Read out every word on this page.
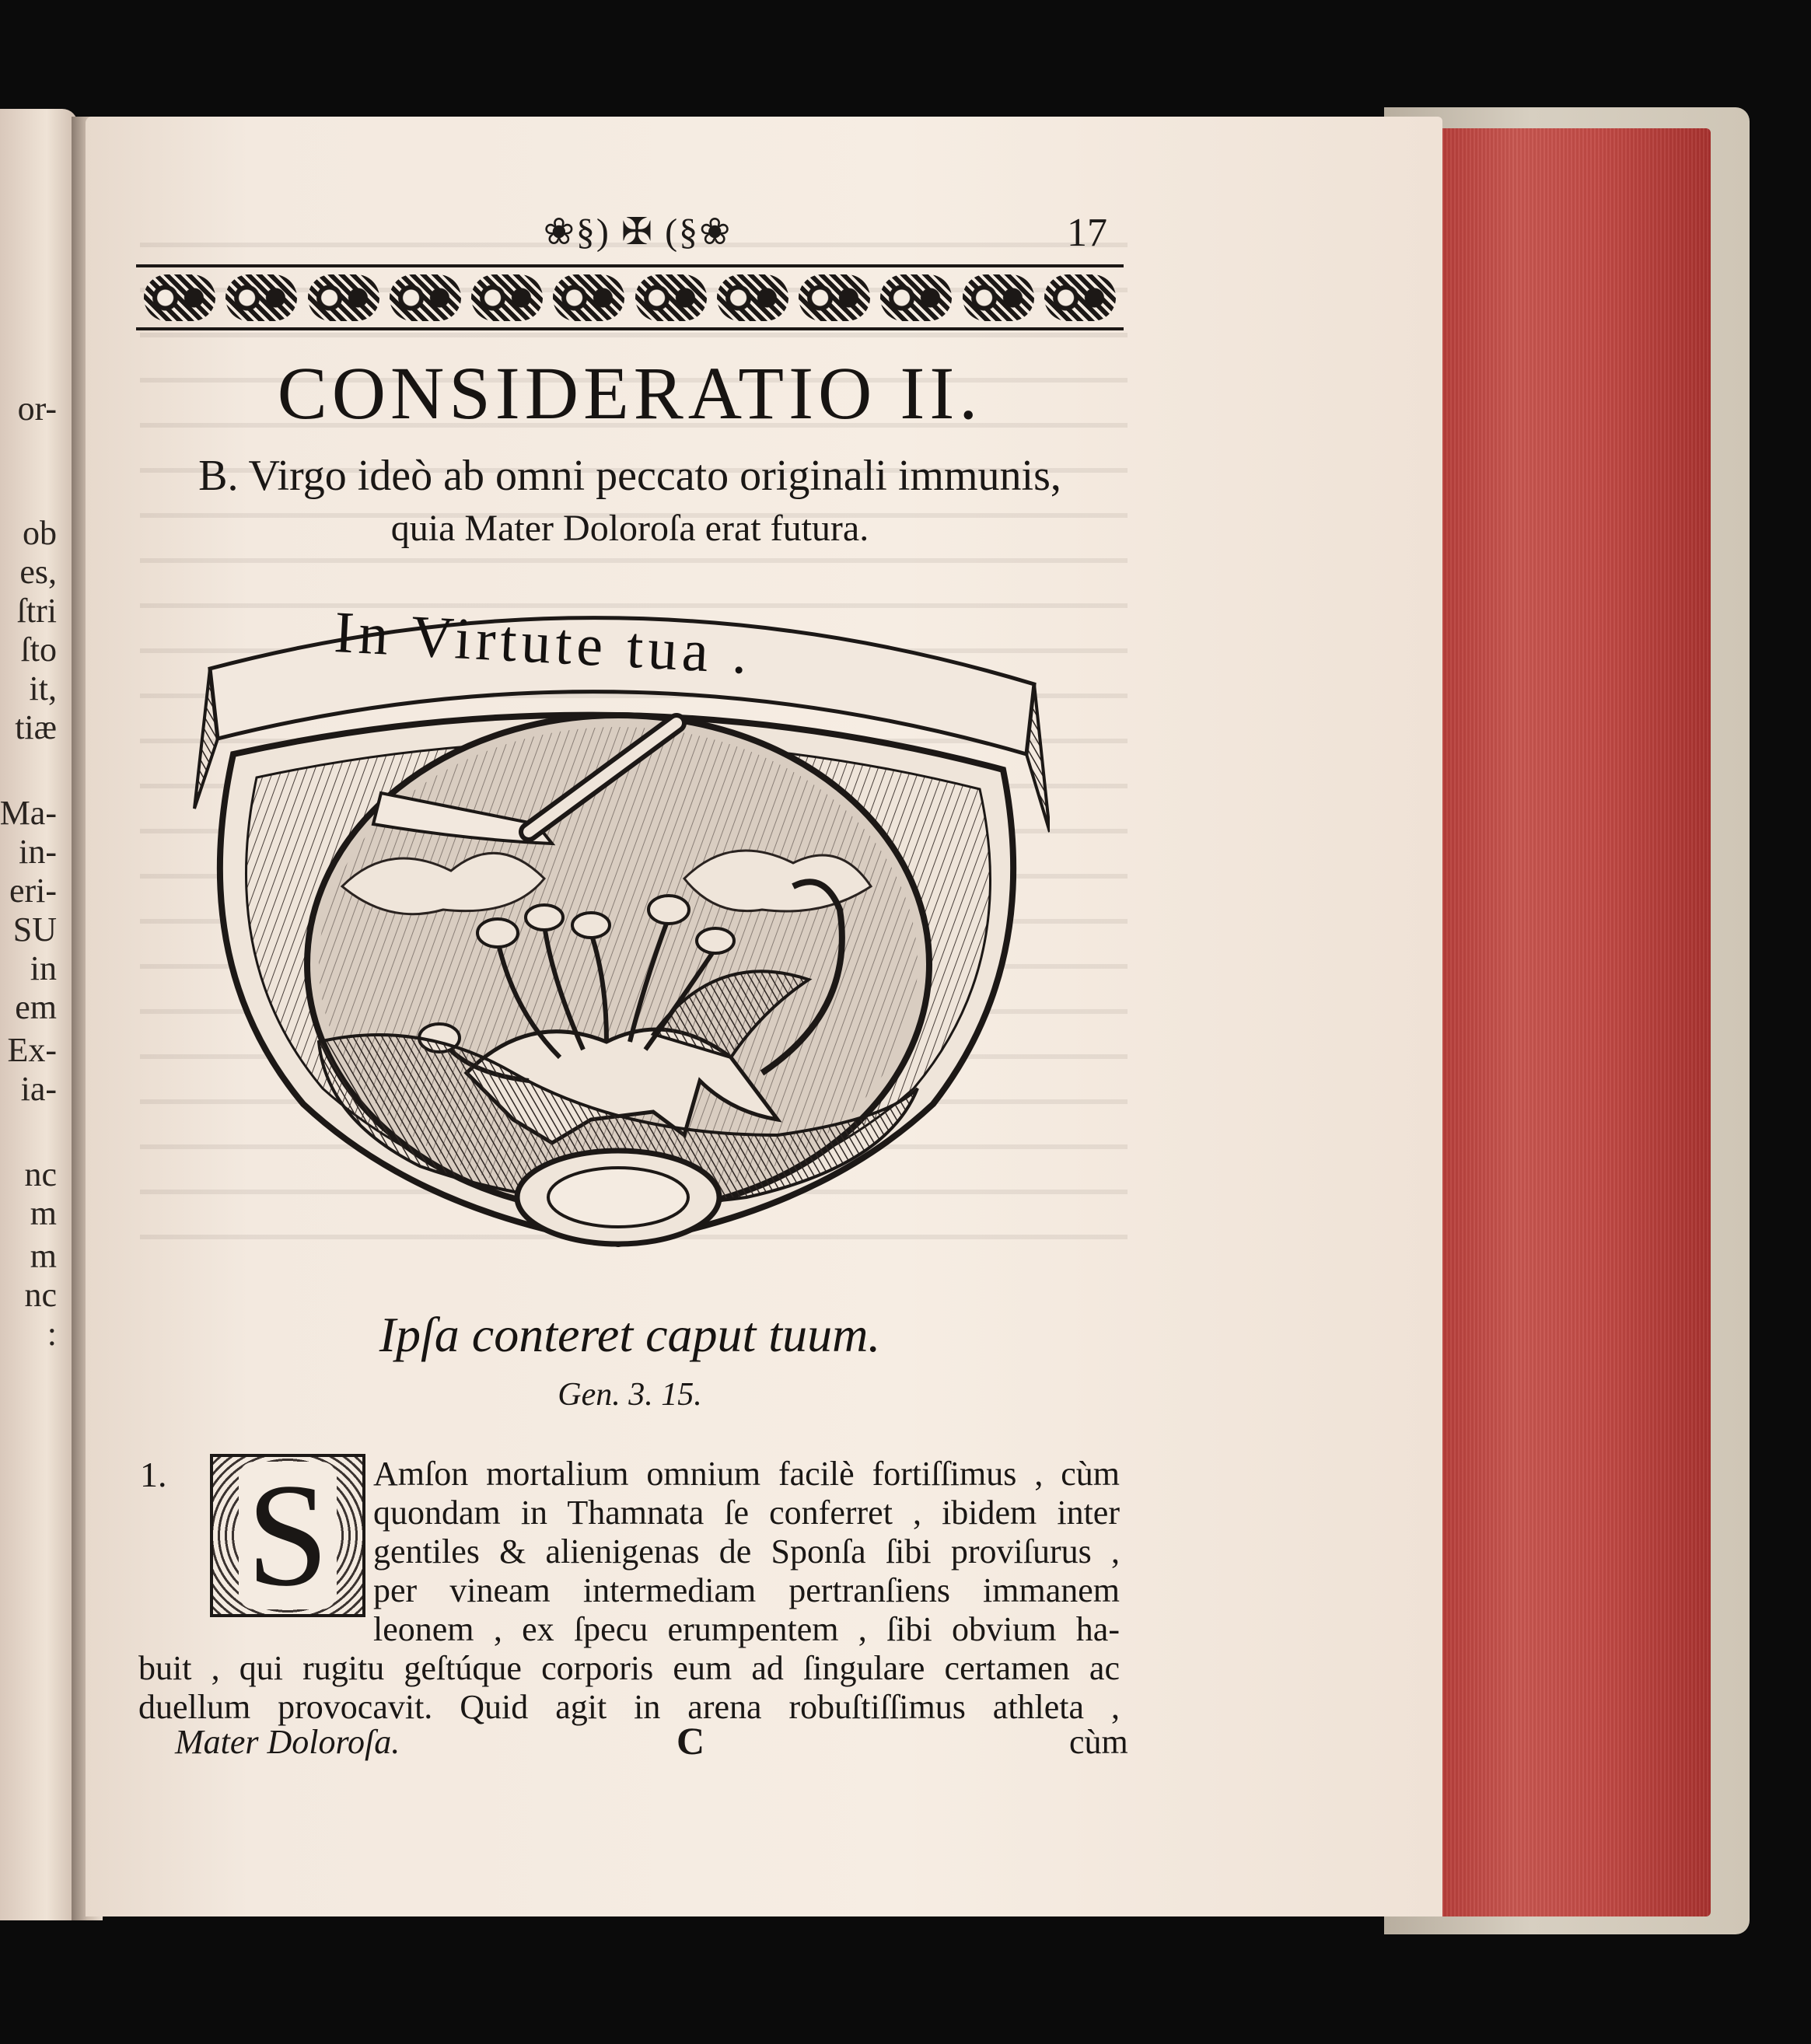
or-
ob
es,
ſtri
ſto
it,
tiæ
Ma-
in-
eri-
SU
in
em
Ex-
ia-
nc
m
m
nc
:
❀§) ✠ (§❀	17
CONSIDERATIO II.
B. Virgo ideò ab omni peccato originali immunis,
quia Mater Doloroſa erat futura.
In Virtute tua .
Ipſa conteret caput tuum.
Gen. 3. 15.
1. S Amſon mortalium omnium facilè fortiſſimus , cùm
quondam in Thamnata ſe conferret , ibidem inter
gentiles & alienigenas de Sponſa ſibi proviſurus ,
per vineam intermediam pertranſiens immanem
leonem , ex ſpecu erumpentem , ſibi obvium ha-
buit , qui rugitu geſtúque corporis eum ad ſingulare certamen ac
duellum provocavit. Quid agit in arena robuſtiſſimus athleta ,
Mater Doloroſa.	C	cùm
